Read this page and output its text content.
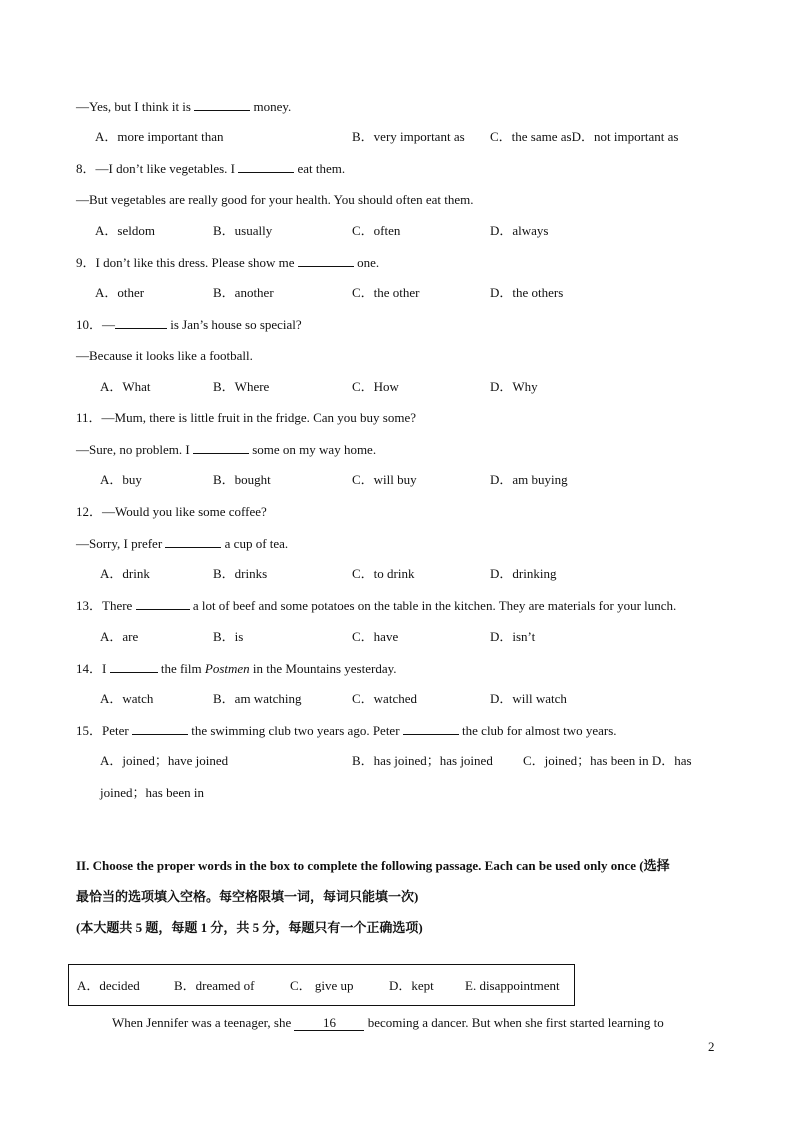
—Yes, but I think it is	money.
A．more important than	B．very important as C．the same asD．not important as
8．—I don’t like vegetables. I	eat them.
—But vegetables are really good for your health. You should often eat them.
A．seldom	B．usually	C．often	D．always
9．I don’t like this dress. Please show me	one.
A．other	B．another	C．the other	D．the others
10．—	is Jan’s house so special?
—Because it looks like a football.
A．What	B．Where	C．How	D．Why
11．—Mum, there is little fruit in the fridge. Can you buy some?
—Sure, no problem. I	some on my way home.
A．buy	B．bought	C．will buy	D．am buying
12．—Would you like some coffee?
—Sorry, I prefer	a cup of tea.
A．drink	B．drinks	C．to drink	D．drinking
13．There	a lot of beef and some potatoes on the table in the kitchen. They are materials for your lunch.
A．are	B．is	C．have	D．isn’t
14．I	the film Postmen in the Mountains yesterday.
A．watch	B．am watching	C．watched	D．will watch
15．Peter	the swimming club two years ago. Peter	the club for almost two years.
A．joined；have joined	B．has joined；has joined C．joined；has been in D．has
joined；has been in
II. Choose the proper words in the box to complete the following passage. Each can be used only once (选择
最恰当的选项填入空格。每空格限填一词，每词只能填一次)
(本大题共 5 题，每题 1 分，共 5 分，每题只有一个正确选项)
A．decided	B．dreamed of	C． give up	D．kept E. disappointment
When Jennifer was a teenager, she 16 becoming a dancer. But when she first started learning to
2
